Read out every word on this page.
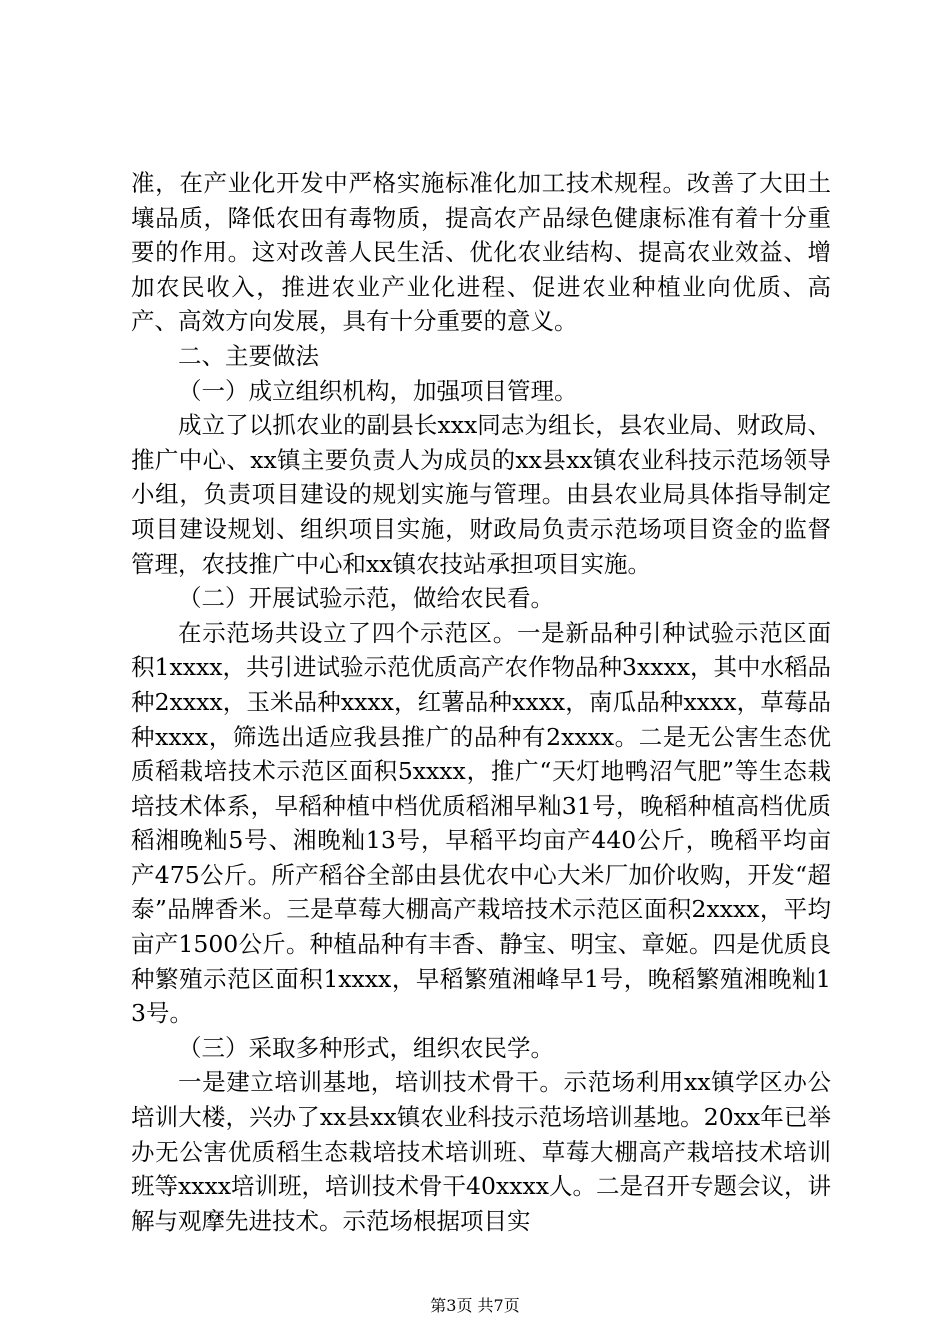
准，在产业化开发中严格实施标准化加工技术规程。改善了大田土壤品质，降低农田有毒物质，提高农产品绿色健康标准有着十分重要的作用。这对改善人民生活、优化农业结构、提高农业效益、增加农民收入，推进农业产业化进程、促进农业种植业向优质、高产、高效方向发展，具有十分重要的意义。

二、主要做法

（一）成立组织机构，加强项目管理。

成立了以抓农业的副县长xxx同志为组长，县农业局、财政局、推广中心、xx镇主要负责人为成员的xx县xx镇农业科技示范场领导小组，负责项目建设的规划实施与管理。由县农业局具体指导制定项目建设规划、组织项目实施，财政局负责示范场项目资金的监督管理，农技推广中心和xx镇农技站承担项目实施。

（二）开展试验示范，做给农民看。

在示范场共设立了四个示范区。一是新品种引种试验示范区面积1xxxx，共引进试验示范优质高产农作物品种3xxxx，其中水稻品种2xxxx，玉米品种xxxx，红薯品种xxxx，南瓜品种xxxx，草莓品种xxxx，筛选出适应我县推广的品种有2xxxx。二是无公害生态优质稻栽培技术示范区面积5xxxx，推广“天灯地鸭沼气肥”等生态栽培技术体系，早稻种植中档优质稻湘早籼31号，晚稻种植高档优质稻湘晚籼5号、湘晚籼13号，早稻平均亩产440公斤，晚稻平均亩产475公斤。所产稻谷全部由县优农中心大米厂加价收购，开发“超泰”品牌香米。三是草莓大棚高产栽培技术示范区面积2xxxx，平均亩产1500公斤。种植品种有丰香、静宝、明宝、章姬。四是优质良种繁殖示范区面积1xxxx，早稻繁殖湘峰早1号，晚稻繁殖湘晚籼13号。

（三）采取多种形式，组织农民学。

一是建立培训基地，培训技术骨干。示范场利用xx镇学区办公培训大楼，兴办了xx县xx镇农业科技示范场培训基地。20xx年已举办无公害优质稻生态栽培技术培训班、草莓大棚高产栽培技术培训班等xxxx培训班，培训技术骨干40xxxx人。二是召开专题会议，讲解与观摩先进技术。示范场根据项目实

第3页 共7页
